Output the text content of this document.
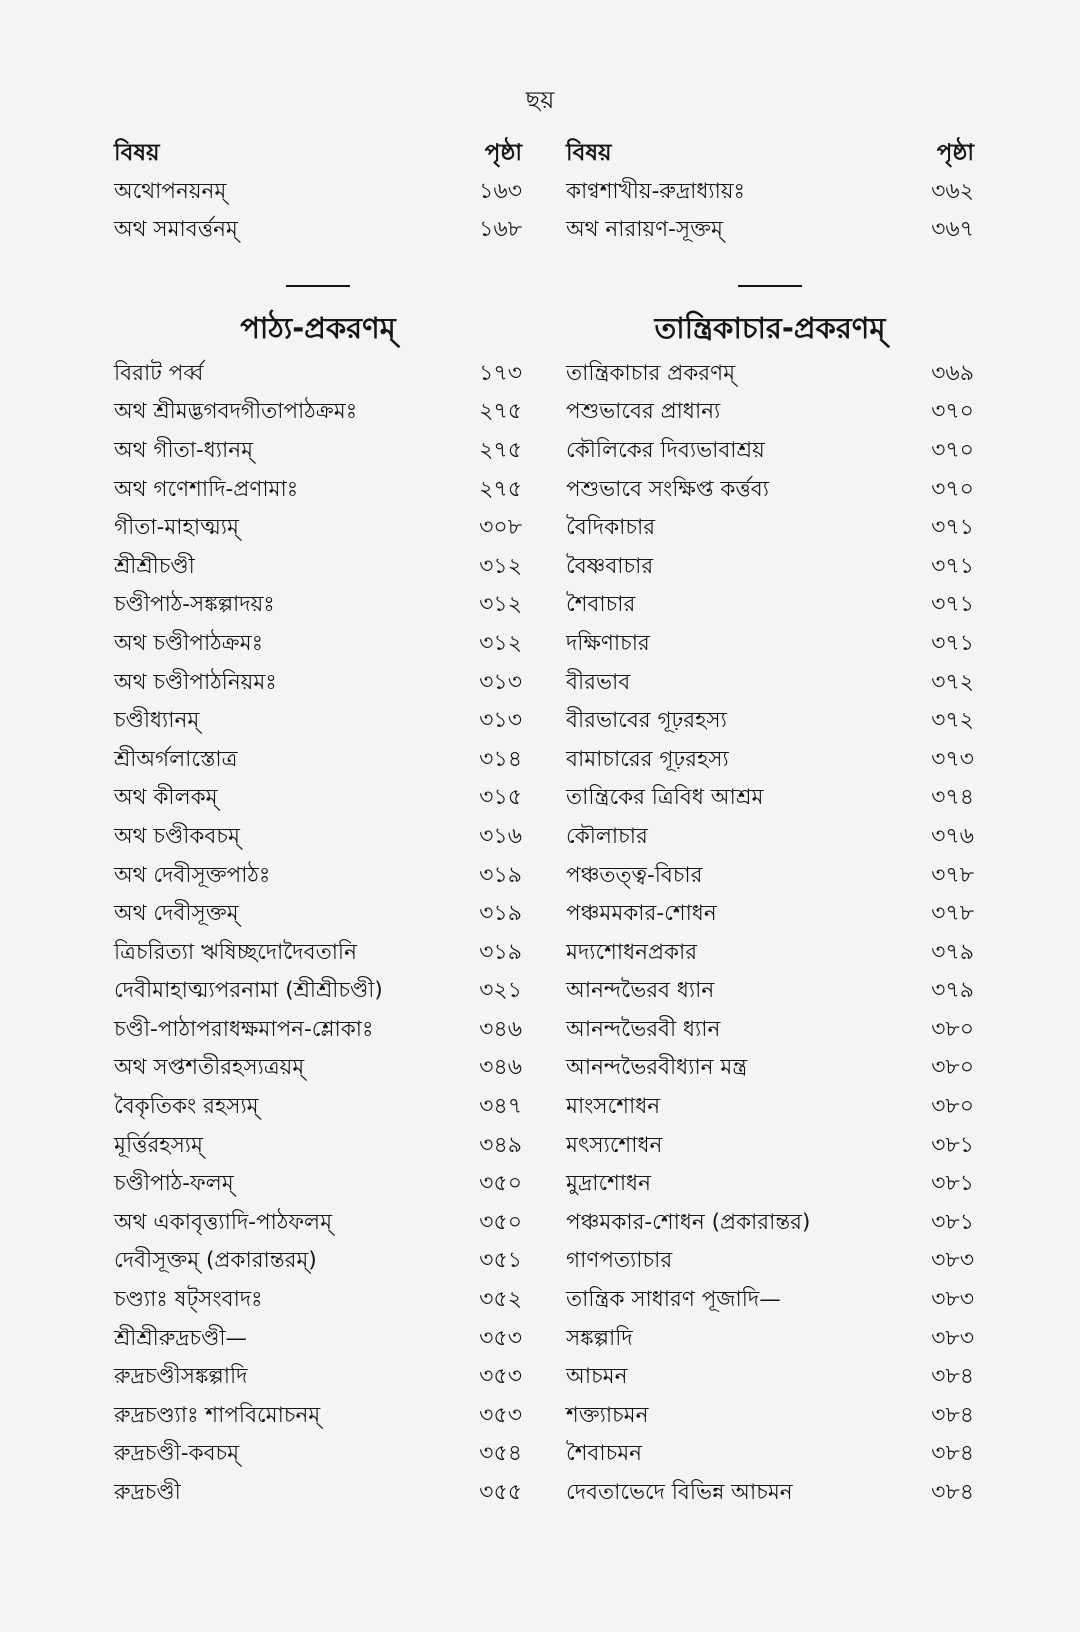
ছয়
বিষয়	পৃষ্ঠা
অথোপনয়নম্	১৬৩
অথ সমাবর্ত্তনম্	১৬৮
পাঠ্য-প্রকরণম্
বিরাট পর্ব্ব	১৭৩
অথ শ্রীমদ্ভগবদগীতাপাঠক্রমঃ	২৭৫
অথ গীতা-ধ্যানম্	২৭৫
অথ গণেশাদি-প্রণামাঃ	২৭৫
গীতা-মাহাত্ম্যম্	৩০৮
শ্রীশ্রীচণ্ডী	৩১২
চণ্ডীপাঠ-সঙ্কল্পাদয়ঃ	৩১২
অথ চণ্ডীপাঠক্রমঃ	৩১২
অথ চণ্ডীপাঠনিয়মঃ	৩১৩
চণ্ডীধ্যানম্	৩১৩
শ্রীঅর্গলাস্তোত্র	৩১৪
অথ কীলকম্	৩১৫
অথ চণ্ডীকবচম্	৩১৬
অথ দেবীসূক্তপাঠঃ	৩১৯
অথ দেবীসূক্তম্	৩১৯
ত্রিচরিত্যা ঋষিচ্ছদোদৈবতানি	৩১৯
দেবীমাহাত্ম্যপরনামা (শ্রীশ্রীচণ্ডী)	৩২১
চণ্ডী-পাঠাপরাধক্ষমাপন-শ্লোকাঃ	৩৪৬
অথ সপ্তশতীরহস্যত্রয়ম্	৩৪৬
বৈকৃতিকং রহস্যম্	৩৪৭
মূর্ত্তিরহস্যম্	৩৪৯
চণ্ডীপাঠ-ফলম্	৩৫০
অথ একাবৃত্ত্যাদি-পাঠফলম্	৩৫০
দেবীসূক্তম্ (প্রকারান্তরম্)	৩৫১
চণ্ড্যাঃ ষট্সংবাদঃ	৩৫২
শ্রীশ্রীরুদ্রচণ্ডী—	৩৫৩
রুদ্রচণ্ডীসঙ্কল্পাদি	৩৫৩
রুদ্রচণ্ড্যাঃ শাপবিমোচনম্	৩৫৩
রুদ্রচণ্ডী-কবচম্	৩৫৪
রুদ্রচণ্ডী	৩৫৫
বিষয়	পৃষ্ঠা
কাণ্বশাখীয়-রুদ্রাধ্যায়ঃ	৩৬২
অথ নারায়ণ-সূক্তম্	৩৬৭
তান্ত্রিকাচার-প্রকরণম্
তান্ত্রিকাচার প্রকরণম্	৩৬৯
পশুভাবের প্রাধান্য	৩৭০
কৌলিকের দিব্যভাবাশ্রয়	৩৭০
পশুভাবে সংক্ষিপ্ত কর্ত্তব্য	৩৭০
বৈদিকাচার	৩৭১
বৈষ্ণবাচার	৩৭১
শৈবাচার	৩৭১
দক্ষিণাচার	৩৭১
বীরভাব	৩৭২
বীরভাবের গূঢ়রহস্য	৩৭২
বামাচারের গূঢ়রহস্য	৩৭৩
তান্ত্রিকের ত্রিবিধ আশ্রম	৩৭৪
কৌলাচার	৩৭৬
পঞ্চতত্ত্ব-বিচার	৩৭৮
পঞ্চমমকার-শোধন	৩৭৮
মদ্যশোধনপ্রকার	৩৭৯
আনন্দভৈরব ধ্যান	৩৭৯
আনন্দভৈরবী ধ্যান	৩৮০
আনন্দভৈরবীধ্যান মন্ত্র	৩৮০
মাংসশোধন	৩৮০
মৎস্যশোধন	৩৮১
মুদ্রাশোধন	৩৮১
পঞ্চমকার-শোধন (প্রকারান্তর)	৩৮১
গাণপত্যাচার	৩৮৩
তান্ত্রিক সাধারণ পূজাদি—	৩৮৩
সঙ্কল্পাদি	৩৮৩
আচমন	৩৮৪
শক্ত্যাচমন	৩৮৪
শৈবাচমন	৩৮৪
দেবতাভেদে বিভিন্ন আচমন	৩৮৪
